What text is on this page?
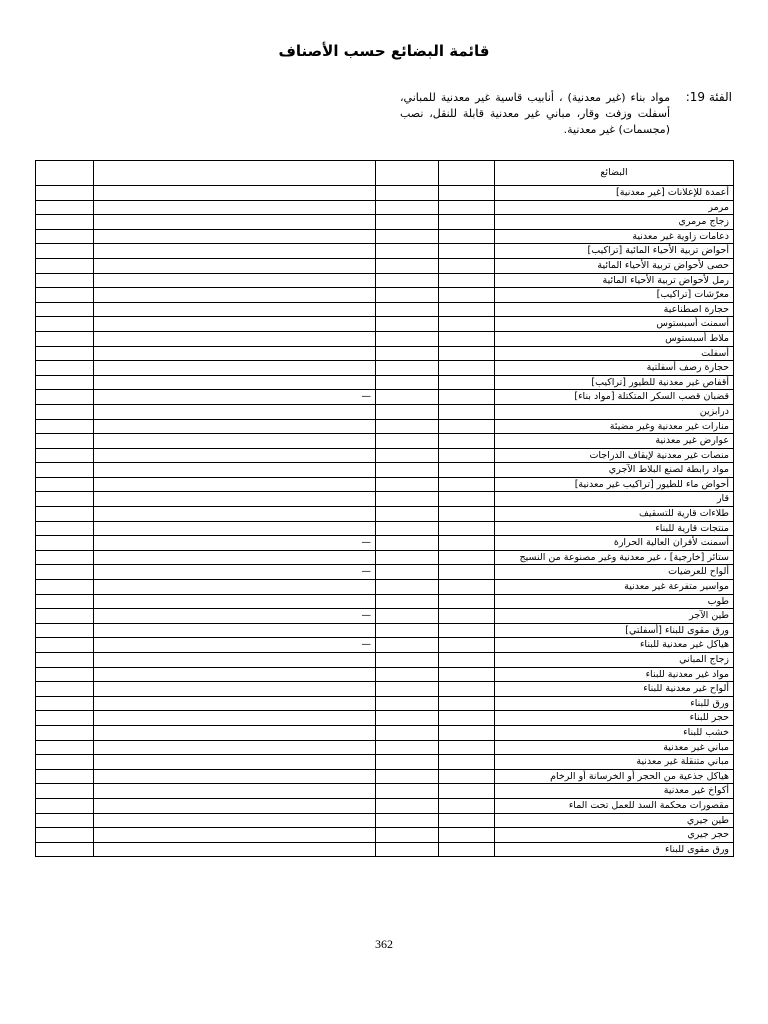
قائمة البضائع حسب الأصناف
الفئة 19:
مواد بناء (غير معدنية) ، أنابيب قاسية غير معدنية للمباني، أسفلت وزفت وقار، مباني غير معدنية قابلة للنقل، نصب (مجسمات) غير معدنية.
				البضائع
				أعمدة للإعلانات [غير معدنية]
				مرمر
				زجاج مرمري
				دعامات زاوية غير معدنية
				أحواض تربية الأحياء المائية [تراكيب]
				حصى لأحواض تربية الأحياء المائية
				رمل لأحواض تربية الأحياء المائية
				معرّشات [تراكيب]
				حجارة اصطناعية
				أسمنت أسبستوس
				ملاط أسبستوس
				أسفلت
				حجارة رصف أسفلتية
				أقفاص غير معدنية للطيور [تراكيب]
	—			قضبان قصب السكر المتكتلة [مواد بناء]
				درابزين
				منارات غير معدنية وغير مضيئة
				عوارض غير معدنية
				منصات غير معدنية لإيقاف الدراجات
				مواد رابطة لصنع البلاط الآجري
				أحواض ماء للطيور [تراكيب غير معدنية]
				قار
				طلاءات قارية للتسقيف
				منتجات قارية للبناء
	—			أسمنت لأفران العالية الحرارة
				ستائر [خارجية] ، غير معدنية وغير مصنوعة من النسيج
	—			ألواح للعرضيات
				مواسير متفرعة غير معدنية
				طوب
	—			طين الآجر
				ورق مقوى للبناء [أسفلتي]
	—			هياكل غير معدنية للبناء
				زجاج المباني
				مواد غير معدنية للبناء
				ألواح غير معدنية للبناء
				ورق للبناء
				حجر للبناء
				خشب للبناء
				مباني غير معدنية
				مباني متنقلة غير معدنية
				هياكل جذعية من الحجر أو الخرسانة أو الرخام
				أكواخ غير معدنية
				مقصورات محكمة السد للعمل تحت الماء
				طين جيري
				حجر جيري
				ورق مقوى للبناء
362
